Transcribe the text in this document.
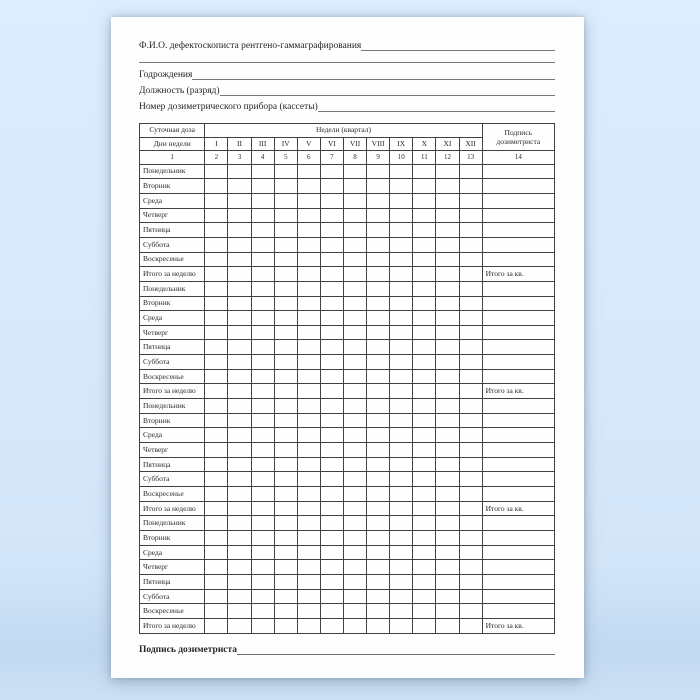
Ф.И.О. дефектоскописта рентгено-гаммаграфирования
Годрождения
Должность (разряд)
Номер дозиметрического прибора (кассеты)
Суточная доза	Недели (квартал)												Подпись дозиметриста
Дни недели	I	II	III	IV	V	VI	VII	VIII	IX	X	XI	XII	
1	2	3	4	5	6	7	8	9	10	11	12	13	14
Понедельник													
Вторник													
Среда													
Четверг													
Пятница													
Суббота													
Воскресенье													
Итого за неделю													Итого за кв.
Понедельник													
Вторник													
Среда													
Четверг													
Пятница													
Суббота													
Воскресенье													
Итого за неделю													Итого за кв.
Понедельник													
Вторник													
Среда													
Четверг													
Пятница													
Суббота													
Воскресенье													
Итого за неделю													Итого за кв.
Понедельник													
Вторник													
Среда													
Четверг													
Пятница													
Суббота													
Воскресенье													
Итого за неделю													Итого за кв.
Подпись дозиметриста
